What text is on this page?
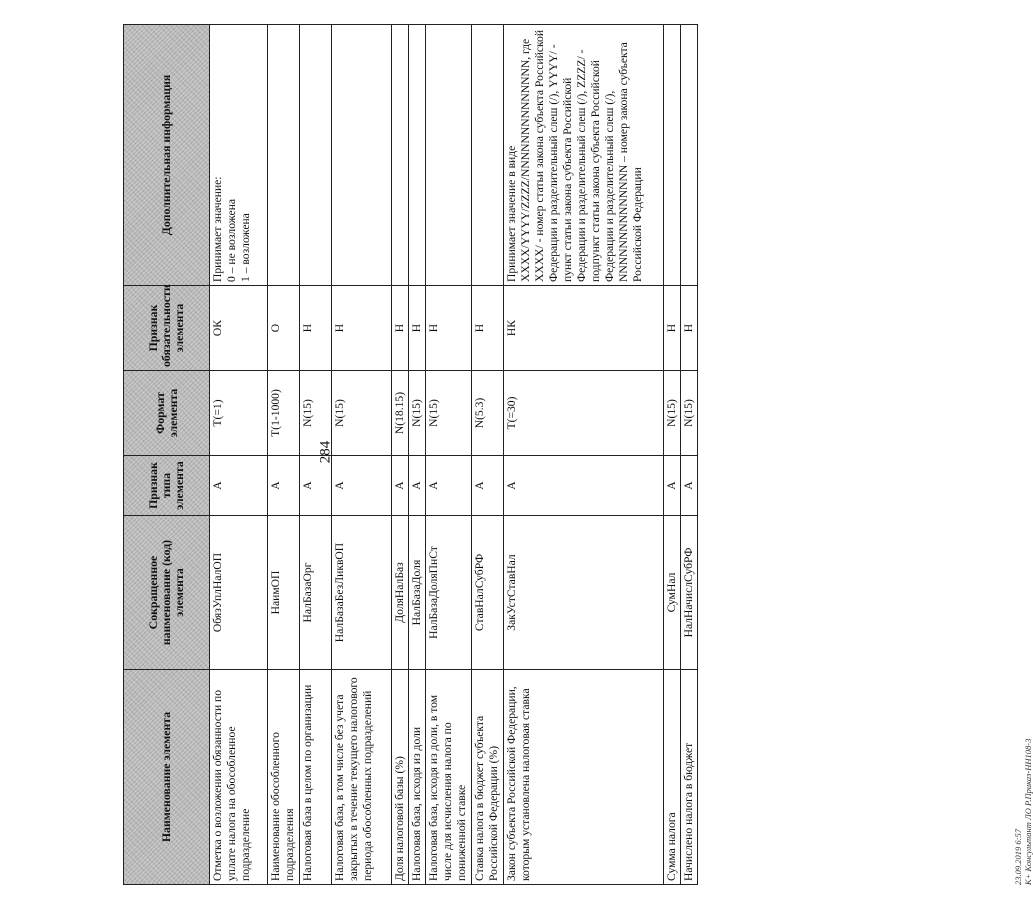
284
Наименование элемента	Сокращенное наименование (код) элемента	Признак типа элемента	Формат элемента	Признак обязательности элемента	Дополнительная информация
Отметка о возложении обязанности по уплате налога на обособленное подразделение	ОбязУплНалОП	А	T(=1)	ОК	Принимает значение:
0 – не возложена
1 – возложена
Наименование обособленного подразделения	НаимОП	А	T(1-1000)	О	
Налоговая база в целом по организации	НалБазаОрг	А	N(15)	Н	
Налоговая база, в том числе без учета закрытых в течение текущего налогового периода обособленных подразделений	НалБазаБезЛиквОП	А	N(15)	Н	
Доля налоговой базы (%)	ДоляНалБаз	А	N(18.15)	Н	
Налоговая база, исходя из доли	НалБазаДоля	А	N(15)	Н	
Налоговая база, исходя из доли, в том числе для исчисления налога по пониженной ставке	НалБазаДоляПнСт	А	N(15)	Н	
Ставка налога в бюджет субъекта Российской Федерации (%)	СтавНалСубРФ	А	N(5.3)	Н	
Закон субъекта Российской Федерации, которым установлена налоговая ставка	ЗакУстСтавНал	А	T(=30)	НК	Принимает значение в виде XXXX/YYYY/ZZZZ/NNNNNNNNNNNNNN, где XXXX/ - номер статьи закона субъекта Российской Федерации и разделительный слеш (/), YYYY/ - пункт статьи закона субъекта Российской Федерации и разделительный слеш (/), ZZZZ/ - подпункт статьи закона субъекта Российской Федерации и разделительный слеш (/), NNNNNNNNNNNNNN – номер закона субъекта Российской Федерации
Сумма налога	СумНал	А	N(15)	Н	
Начислено налога в бюджет	НалНачислСубРФ	А	N(15)	Н	
23.09.2019 6:57 К+ Консультант ЛО Р.Приказ-НН108-3
